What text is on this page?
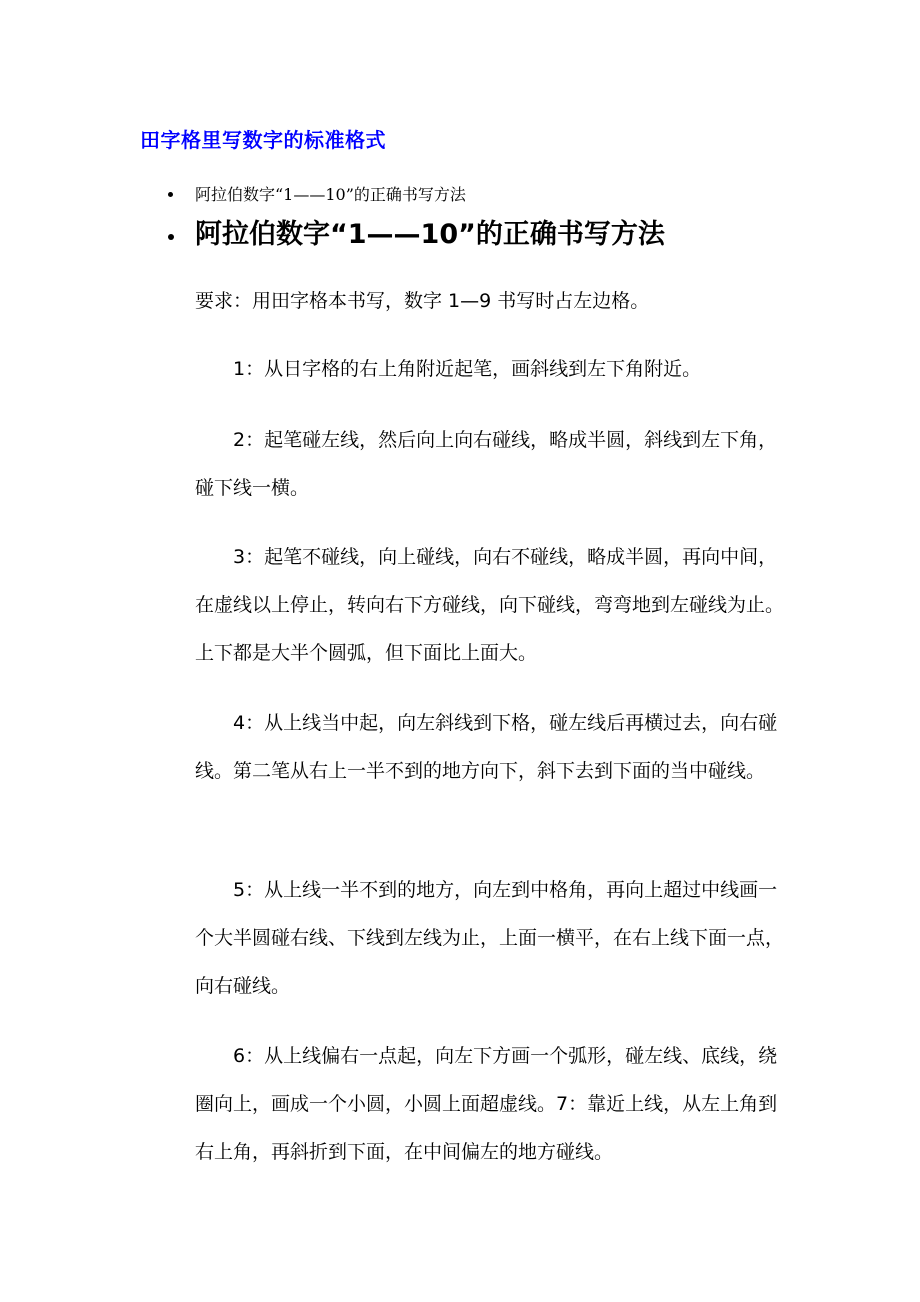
田字格里写数字的标准格式
阿拉伯数字“1——10”的正确书写方法
阿拉伯数字“1——10”的正确书写方法
要求：用田字格本书写，数字 1—9 书写时占左边格。

1：从日字格的右上角附近起笔，画斜线到左下角附近。

2：起笔碰左线，然后向上向右碰线，略成半圆，斜线到左下角，碰下线一横。

3：起笔不碰线，向上碰线，向右不碰线，略成半圆，再向中间，在虚线以上停止，转向右下方碰线，向下碰线，弯弯地到左碰线为止。上下都是大半个圆弧，但下面比上面大。

4：从上线当中起，向左斜线到下格，碰左线后再横过去，向右碰线。第二笔从右上一半不到的地方向下，斜下去到下面的当中碰线。

5：从上线一半不到的地方，向左到中格角，再向上超过中线画一个大半圆碰右线、下线到左线为止，上面一横平，在右上线下面一点，向右碰线。

6：从上线偏右一点起，向左下方画一个弧形，碰左线、底线，绕圈向上，画成一个小圆，小圆上面超虚线。7：靠近上线，从左上角到右上角，再斜折到下面，在中间偏左的地方碰线。
